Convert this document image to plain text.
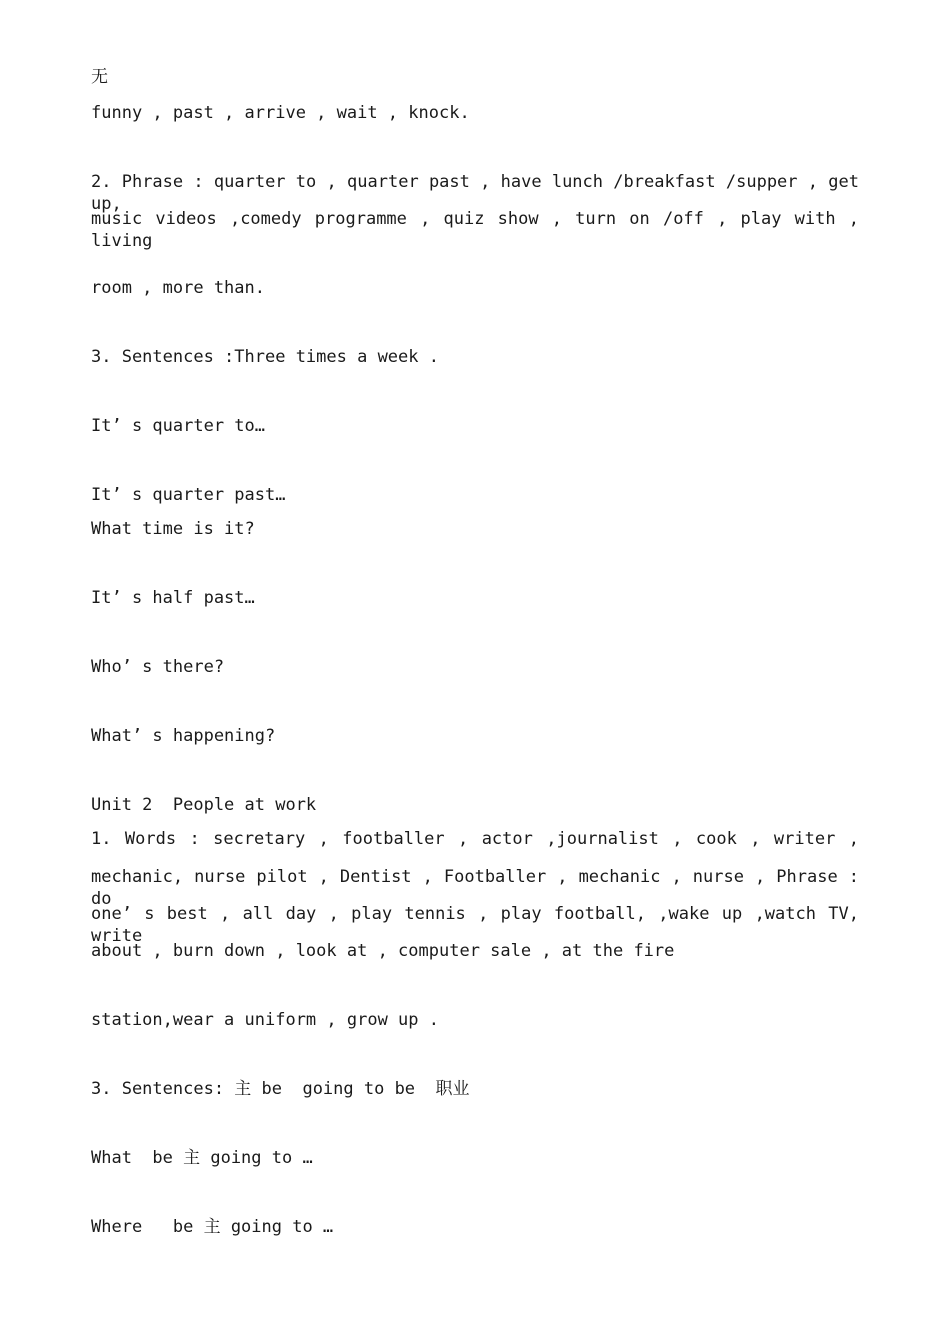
无

funny , past , arrive , wait , knock.

2. Phrase : quarter to , quarter past , have lunch /breakfast /supper , get up,

music videos ,comedy programme , quiz show , turn on /off , play with , living

room , more than.

3. Sentences :Three times a week .

It’ s quarter to…

It’ s quarter past…

What time is it?

It’ s half past…

Who’ s there?

What’ s happening?

Unit 2  People at work

1. Words : secretary , footballer , actor ,journalist , cook , writer ,

mechanic, nurse pilot , Dentist , Footballer , mechanic , nurse , Phrase : do

one’ s best , all day , play tennis , play football, ,wake up ,watch TV, write

about , burn down , look at , computer sale , at the fire

station,wear a uniform , grow up .

3. Sentences: 主 be  going to be  职业

What  be 主 going to …

Where   be 主 going to …
